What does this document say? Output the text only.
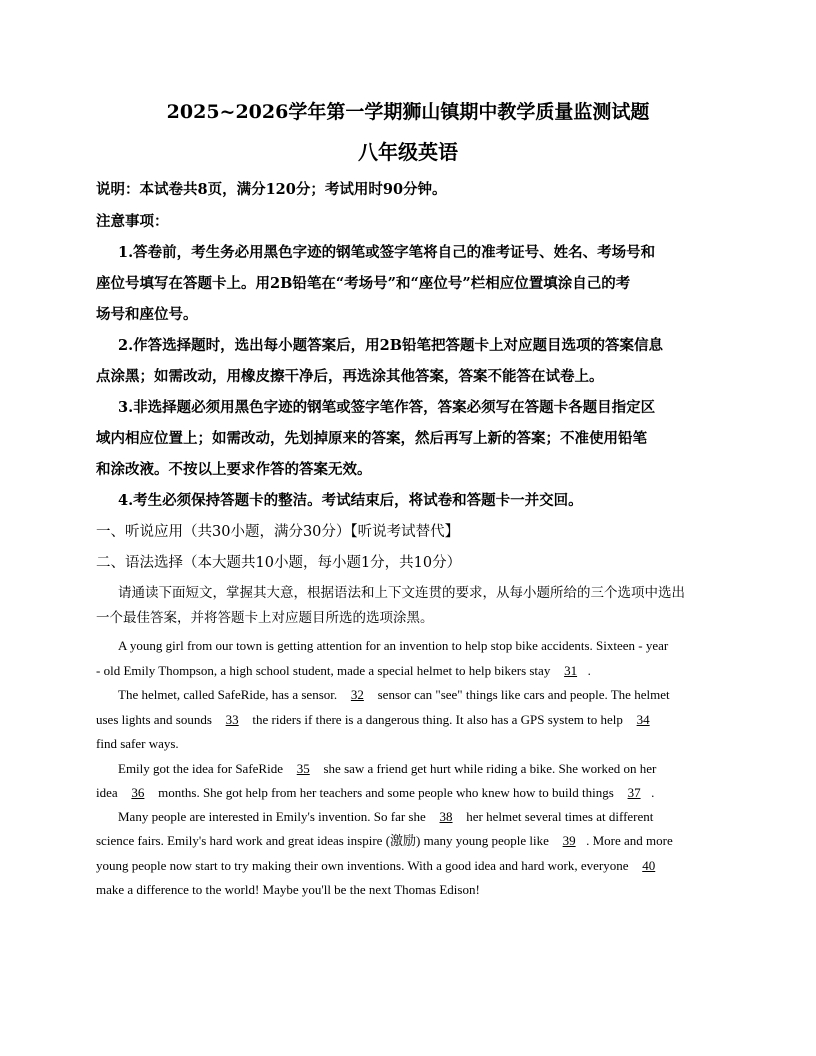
2025~2026学年第一学期狮山镇期中教学质量监测试题
八年级英语
说明：本试卷共8页，满分120分；考试用时90分钟。
注意事项：
1.答卷前，考生务必用黑色字迹的钢笔或签字笔将自己的准考证号、姓名、考场号和
座位号填写在答题卡上。用2B铅笔在“考场号”和“座位号”栏相应位置填涂自己的考
场号和座位号。
2.作答选择题时，选出每小题答案后，用2B铅笔把答题卡上对应题目选项的答案信息
点涂黑；如需改动，用橡皮擦干净后，再选涂其他答案，答案不能答在试卷上。
3.非选择题必须用黑色字迹的钢笔或签字笔作答，答案必须写在答题卡各题目指定区
域内相应位置上；如需改动，先划掉原来的答案，然后再写上新的答案；不准使用铅笔
和涂改液。不按以上要求作答的答案无效。
4.考生必须保持答题卡的整洁。考试结束后，将试卷和答题卡一并交回。
一、听说应用（共30小题，满分30分）【听说考试替代】
二、语法选择（本大题共10小题，每小题1分，共10分）
请通读下面短文，掌握其大意，根据语法和上下文连贯的要求，从每小题所给的三个选项中选出
一个最佳答案，并将答题卡上对应题目所选的选项涂黑。
A young girl from our town is getting attention for an invention to help stop bike accidents. Sixteen - year
- old Emily Thompson, a high school student, made a special helmet to help bikers stay 31 .
The helmet, called SafeRide, has a sensor. 32 sensor can "see" things like cars and people. The helmet
uses lights and sounds 33 the riders if there is a dangerous thing. It also has a GPS system to help 34
find safer ways.
Emily got the idea for SafeRide 35 she saw a friend get hurt while riding a bike. She worked on her
idea 36 months. She got help from her teachers and some people who knew how to build things 37 .
Many people are interested in Emily's invention. So far she 38 her helmet several times at different
science fairs. Emily's hard work and great ideas inspire (激励) many young people like 39 . More and more
young people now start to try making their own inventions. With a good idea and hard work, everyone 40
make a difference to the world! Maybe you'll be the next Thomas Edison!
